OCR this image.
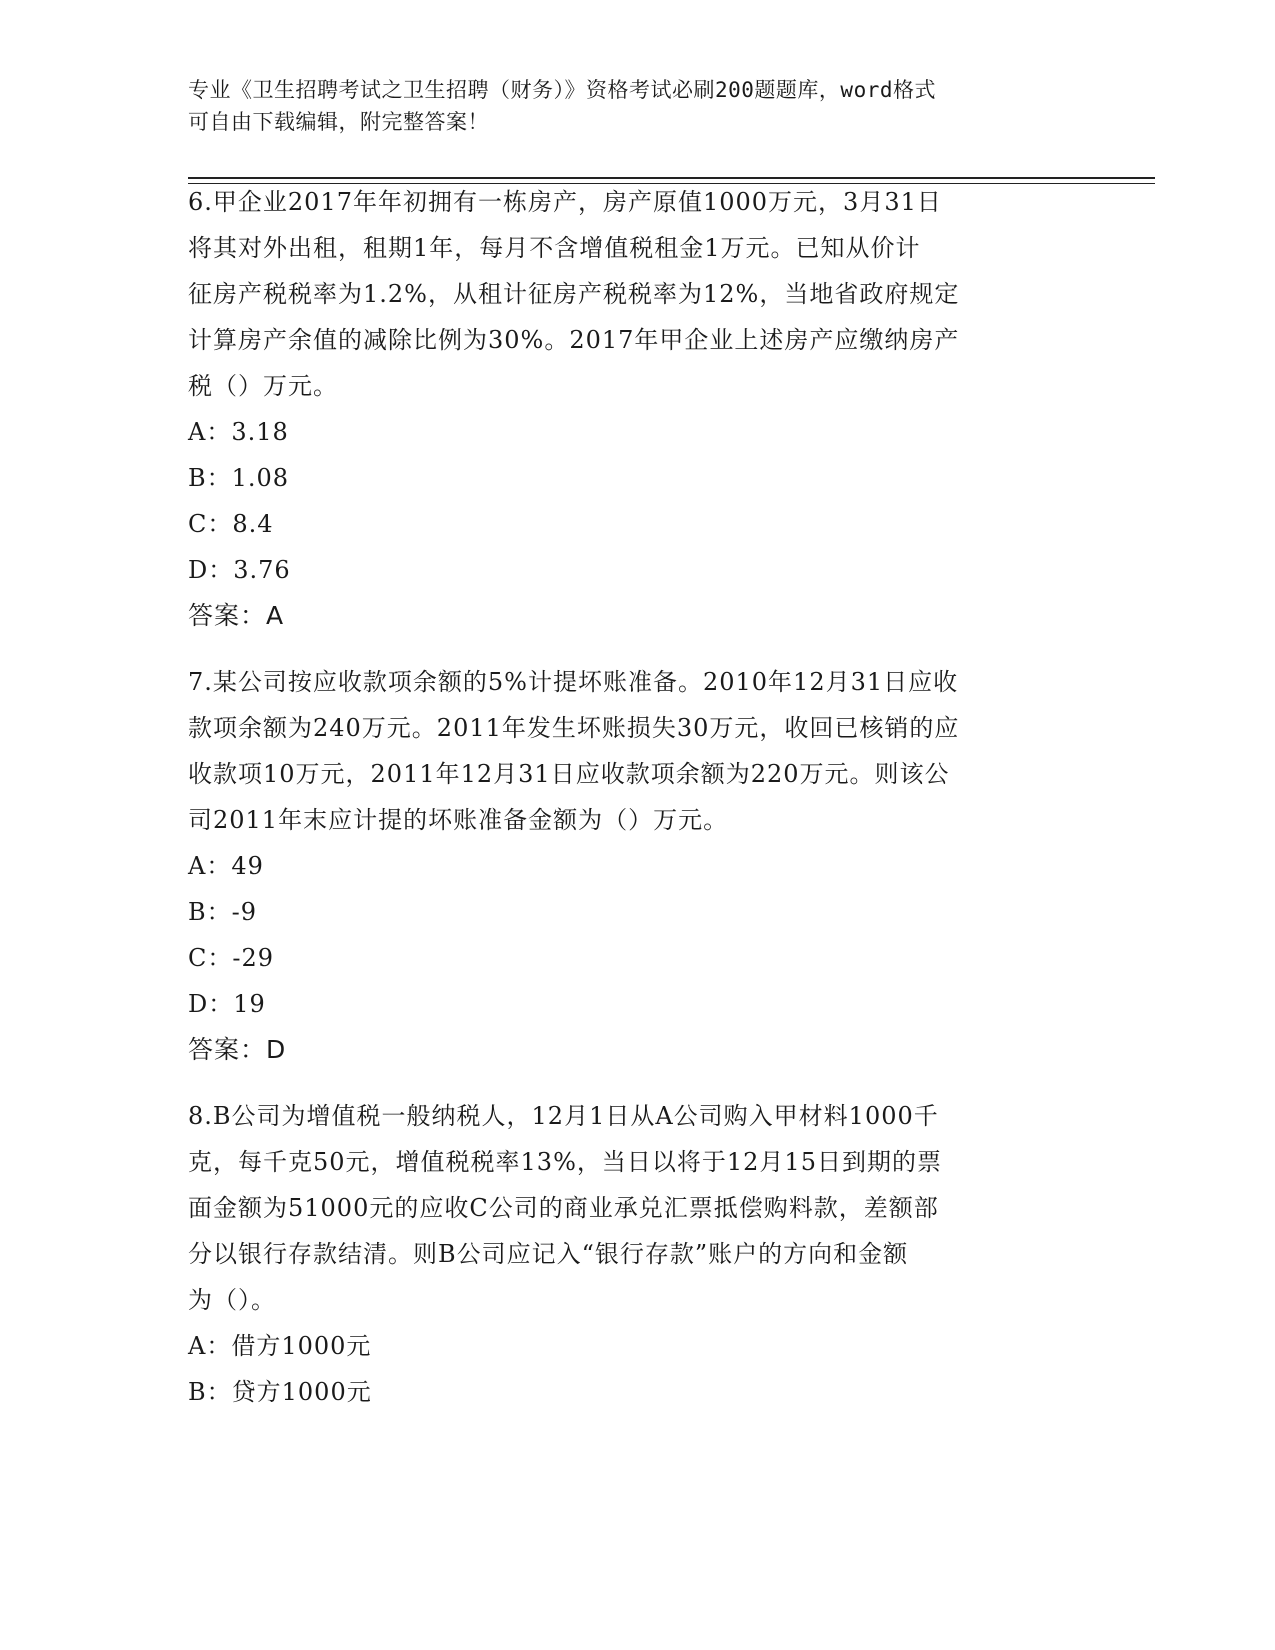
专业《卫生招聘考试之卫生招聘（财务）》资格考试必刷200题题库，word格式
可自由下载编辑，附完整答案！
6.甲企业2017年年初拥有一栋房产，房产原值1000万元，3月31日
将其对外出租，租期1年，每月不含增值税租金1万元。已知从价计
征房产税税率为1.2%，从租计征房产税税率为12%，当地省政府规定
计算房产余值的减除比例为30%。2017年甲企业上述房产应缴纳房产
税（）万元。
A：3.18
B：1.08
C：8.4
D：3.76
答案：A
7.某公司按应收款项余额的5%计提坏账准备。2010年12月31日应收
款项余额为240万元。2011年发生坏账损失30万元，收回已核销的应
收款项10万元，2011年12月31日应收款项余额为220万元。则该公
司2011年末应计提的坏账准备金额为（）万元。
A：49
B：-9
C：-29
D：19
答案：D
8.B公司为增值税一般纳税人，12月1日从A公司购入甲材料1000千
克，每千克50元，增值税税率13%，当日以将于12月15日到期的票
面金额为51000元的应收C公司的商业承兑汇票抵偿购料款，差额部
分以银行存款结清。则B公司应记入“银行存款”账户的方向和金额
为（）。
A：借方1000元
B：贷方1000元
